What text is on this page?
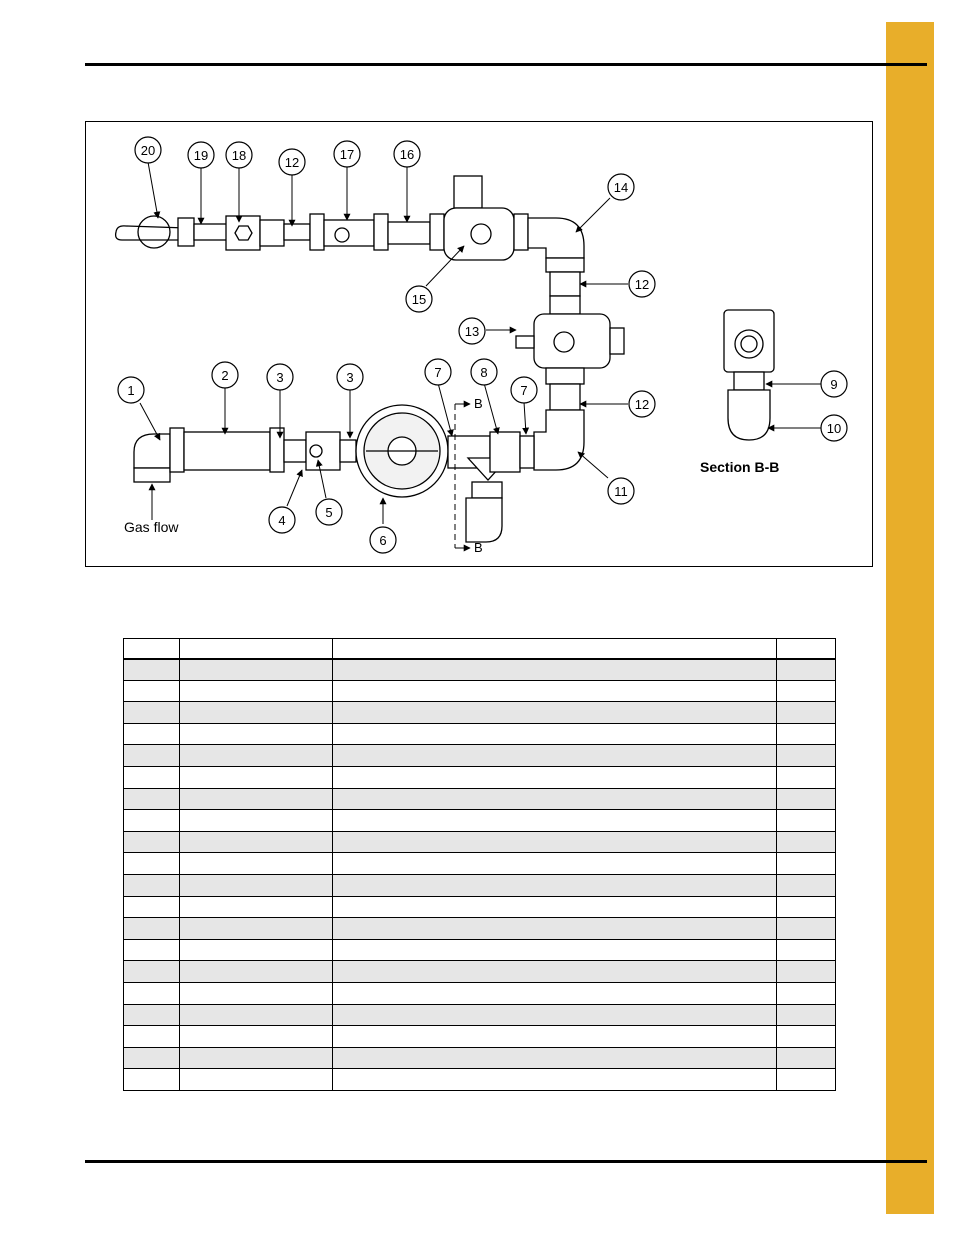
B
B
Section B-B
Gas flow
20	19 18	12
17	16
14
12
13
15
12
11
9
10
1
2	3	3
4
5
6
7	8
7
